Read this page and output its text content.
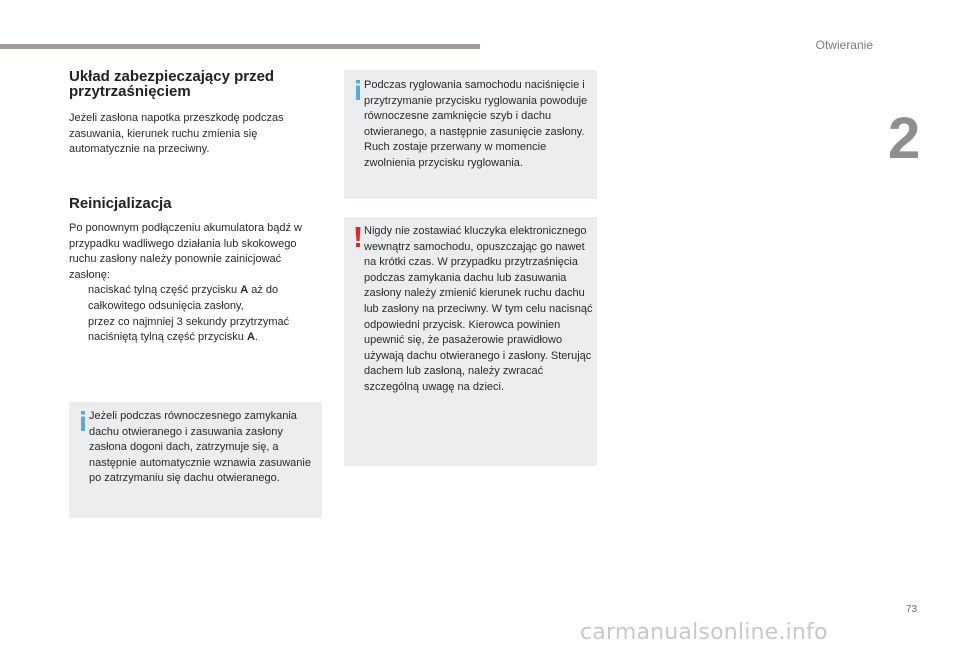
Otwieranie
2
73
Układ zabezpieczający przed przytrzaśnięciem

Jeżeli zasłona napotka przeszkodę podczas zasuwania, kierunek ruchu zmienia się automatycznie na przeciwny.

Reinicjalizacja
Po ponownym podłączeniu akumulatora bądź w przypadku wadliwego działania lub skokowego ruchu zasłony należy ponownie zainicjować zasłonę:
naciskać tylną część przycisku A aż do całkowitego odsunięcia zasłony,
przez co najmniej 3 sekundy przytrzymać naciśniętą tylną część przycisku A.
Jeżeli podczas równoczesnego zamykania dachu otwieranego i zasuwania zasłony zasłona dogoni dach, zatrzymuje się, a następnie automatycznie wznawia zasuwanie po zatrzymaniu się dachu otwieranego.
Podczas ryglowania samochodu naciśnięcie i przytrzymanie przycisku ryglowania powoduje równoczesne zamknięcie szyb i dachu otwieranego, a następnie zasunięcie zasłony. Ruch zostaje przerwany w momencie zwolnienia przycisku ryglowania.
Nigdy nie zostawiać kluczyka elektronicznego wewnątrz samochodu, opuszczając go nawet na krótki czas. W przypadku przytrzaśnięcia podczas zamykania dachu lub zasuwania zasłony należy zmienić kierunek ruchu dachu lub zasłony na przeciwny. W tym celu nacisnąć odpowiedni przycisk. Kierowca powinien upewnić się, że pasażerowie prawidłowo używają dachu otwieranego i zasłony. Sterując dachem lub zasłoną, należy zwracać szczególną uwagę na dzieci.
carmanualsonline.info
